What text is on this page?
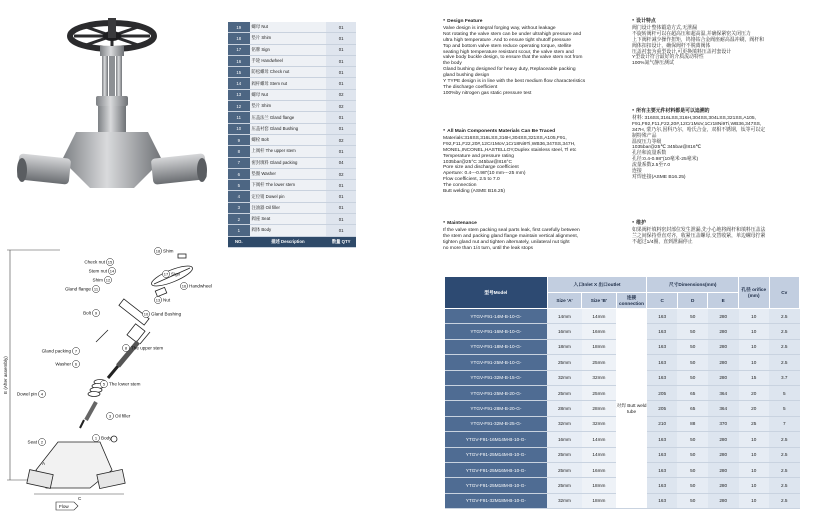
19	螺母 Nut	01
18	垫片 Shim	01
17	铭牌 Sign	01
16	手轮 Handwheel	01
15	防松螺母 Check nut	01
14	阀杆螺母 Stem nut	01
13	螺母 Nut	02
12	垫片 Shim	02
11	压盖法兰 Gland flange	01
10	压盖衬套 Gland Bushing	01
9	螺栓 Bolt	02
8	上阀杆 The upper stem	01
7	密封填料 Gland packing	04
6	垫圈 Washer	02
5	下阀杆 The lower stem	01
4	定位销 Dowel pin	01
3	注油器 Oil filler	01
2	阀座 Seat	01
1	阀体 Body	01
NO.	描述 Description	数量 QTY
E (After assembly)
C
A
Flow
18 Shim
15
Check nut
14
Stem nut
12
Shim
11
Gland flange
17 Sign
16 Handwheel
13 Nut
9
Bolt	10 Gland Bushing
8 The upper stem
7
Gland packing
6
Washer
5 The lower stem
4
Dowel pin
3 Oil filler
1 Body
2
Seat
● Design Feature
Valve design is integral forging way, without leakage
Not rotating the valve stem can be under ultrahigh pressure and
ultra high temperature .And to ensure tight shutoff pressure
Top and bottom valve stem reduce operating torque, stellite
seating high temperature resistant scour, the valve stem and
valve body buckle design, to ensure that the valve stem not from
the body
Gland bushing designed for heavy duty, Replaceable packing
gland bushing design
Y TYPE design is in line with the best medium flow characteristics
The discharge coefficient
100%by nitrogen gas static pressure test
● All Main Components Materials Can Be Traced
Materials:316SS,316LSS,316H,304SS,321SS,A105,F91,
F92,F11,F22,20#,12Cr1MoV,1Cr18Ni9Ti,WB36,347SS,347H,
MONEL,INCONEL,HASTELLOY,Duplex stainless steel, Tl etc
Temperature and pressure rating
1035bar@25°C 345bar@816°C
Pore size and discharge coefficient
Aperture: 0.4---0.98"(10 mm---25 mm)
Flow coefficient, 2.5 to 7.0
The connection
Butt welding (ASME B16.25)
● Maintenance
If the valve stem packing seal parts leak, first carefully between
the stem and packing gland flange maintain vertical alignment,
tighten gland nut and tighten alternately, unilateral nut tight
no more than 1/4 turn, until the leak stops
● 设计特点
阀门设计整体锻造方式,无泄漏
不旋转阀杆可以在超高压和超高温,并确保紧密关闭压力
上下阀杆减少操作扭矩，钨铬钴合金阀座耐高温冲刷，阀杆和
阀体扣扣设计，确保阀杆不脱离阀体
压盖衬套为重型设计,可更换填料压盖衬套设计
Y型设计符合最好的介质流动特性
100%氮气静压测试
● 所有主要元件材料都是可以追溯的
材料: 316SS,316LSS,316H,304SS,304LSS,321SS,A105,
F91,F92,F11,F22,20#,12Cr1MoV,1Cr18Ni9Ti,WB36,347SS,
347H, 蒙乃尔,因科乃尔，哈氏合金，双相不锈钢，钛等可以定
制特殊产品
温度压力等级
1035bar@25℃ 345bar@816℃
孔径和流量系数
孔径:0.4-0.98"(10毫米-25毫米)
流量系数2.5至7.0
连接
对焊连接(ASME B16.25)
● 维护
如果阀杆填料密封部位发生泄漏,先小心地将阀杆和填料压盖法
兰之间保持垂直对齐，收紧压盖螺母,交替收紧，单边螺母拧紧
不超过1/4圈，直到泄漏停止
型号Model	入口Inlet X 出口outlet			尺寸Dimensions(mm)			孔径 orifice (mm)	Cv
	Size 'A'	Size 'B'	连接 connection	C	D	E		
YTGV-F91-14M-B-10-G-	14mm	14mm	对焊 Butt weld tube	163	50	280	10	2.5
YTGV-F91-16M-B-10-G-	16mm	16mm		163	50	280	10	2.5
YTGV-F91-18M-B-10-G-	18mm	18mm		163	50	280	10	2.5
YTGV-F91-25M-B-10-G-	25mm	25mm		163	50	280	10	2.5
YTGV-F91-32M-B-15-G-	32mm	32mm		163	50	280	15	3.7
YTGV-F91-25M-B-20-G-	25mm	25mm		205	65	364	20	5
YTGV-F91-28M-B-20-G-	28mm	28mm		205	65	364	20	5
YTGV-F91-32M-B-25-G-	32mm	32mm		210	88	370	25	7
YTGV-F91-16M14M-B-10-G-	16mm	14mm		163	50	280	10	2.5
YTGV-F91-25M14M-B-10-G-	25mm	14mm		163	50	280	10	2.5
YTGV-F91-25M16M-B-10-G-	25mm	16mm		163	50	280	10	2.5
YTGV-F91-25M18M-B-10-G-	25mm	18mm		163	50	280	10	2.5
YTGV-F91-32M18M-B-10-G-	32mm	18mm		163	50	280	10	2.5
